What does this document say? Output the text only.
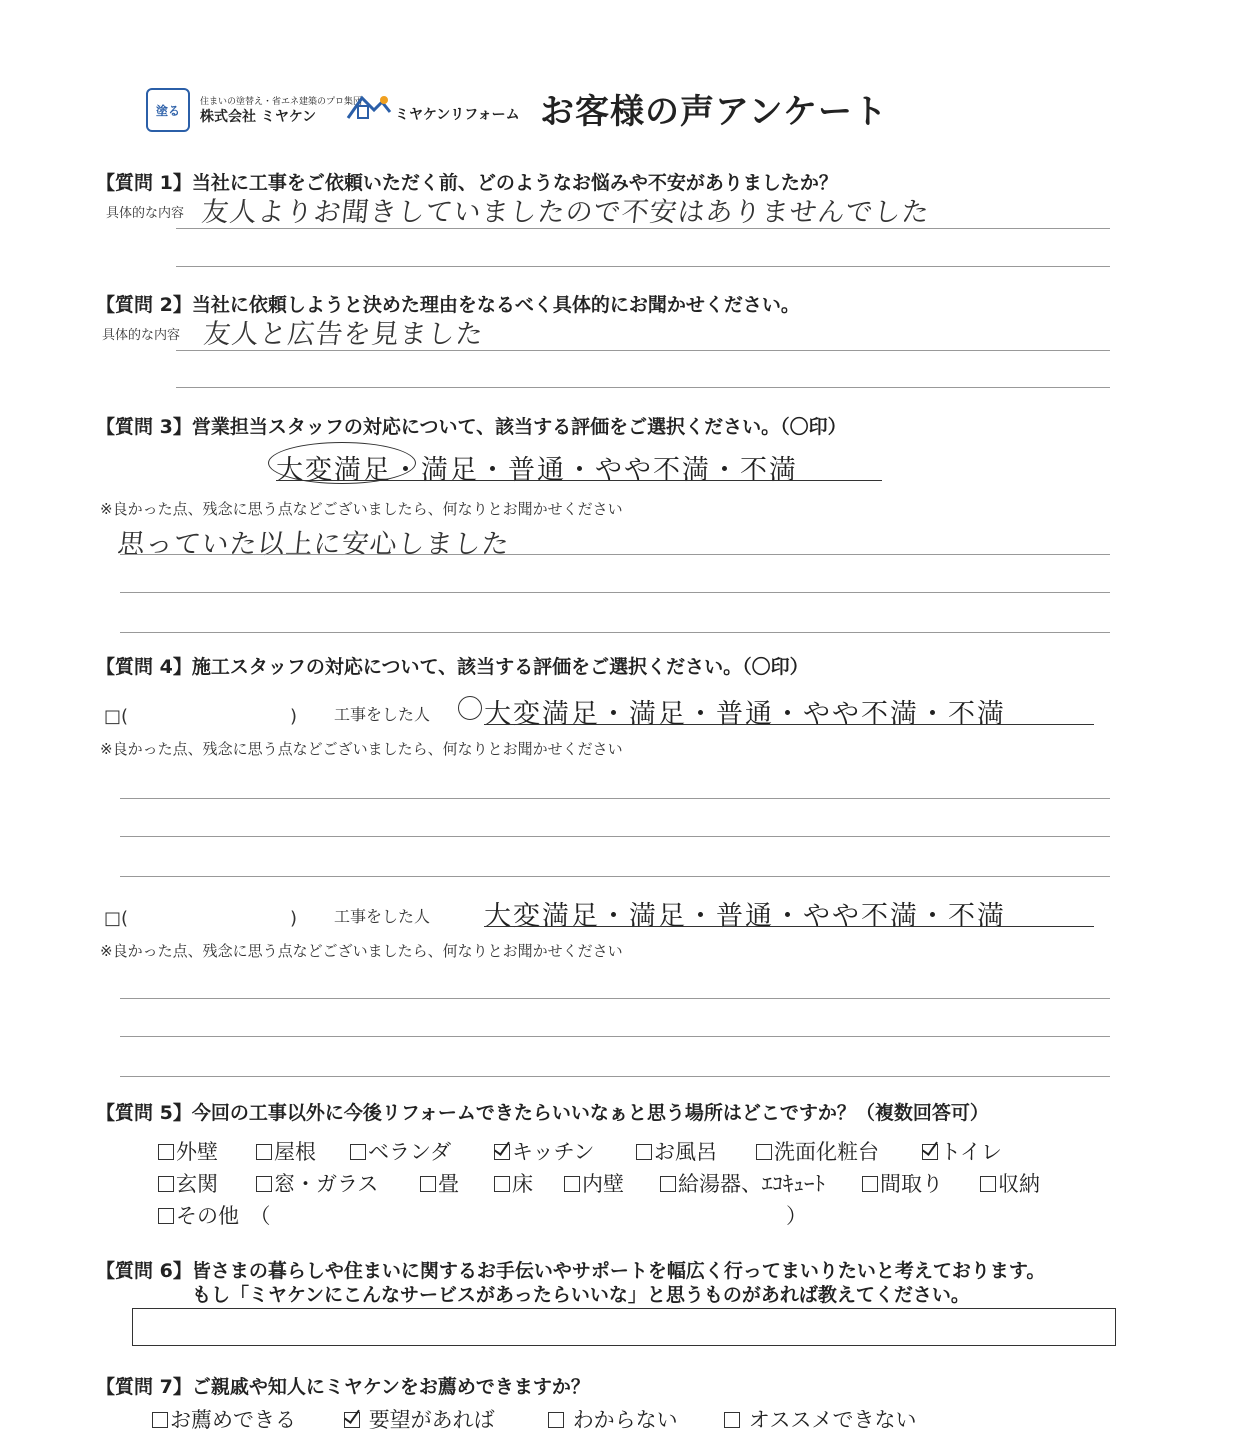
塗る
住まいの塗替え・省エネ建築のプロ集団
株式会社 ミヤケン	ミヤケンリフォーム お客様の声アンケート
【質問 1】当社に工事をご依頼いただく前、どのようなお悩みや不安がありましたか？
具体的な内容 友人よりお聞きしていましたので不安はありませんでした
【質問 2】当社に依頼しようと決めた理由をなるべく具体的にお聞かせください。
具体的な内容 友人と広告を見ました
【質問 3】営業担当スタッフの対応について、該当する評価をご選択ください。（〇印）
大変満足・満足・普通・やや不満・不満
※良かった点、残念に思う点などございましたら、何なりとお聞かせください
思っていた以上に安心しました
【質問 4】施工スタッフの対応について、該当する評価をご選択ください。（〇印）
□(　　　　　　　　　) 工事をした人 大変満足・満足・普通・やや不満・不満
※良かった点、残念に思う点などございましたら、何なりとお聞かせください
□(　　　　　　　　　) 工事をした人 大変満足・満足・普通・やや不満・不満
※良かった点、残念に思う点などございましたら、何なりとお聞かせください
【質問 5】今回の工事以外に今後リフォームできたらいいなぁと思う場所はどこですか？（複数回答可）
外壁	屋根	ベランダ	キッチン	お風呂	洗面化粧台	トイレ
玄関	窓・ガラス	畳	床	内壁	給湯器、ｴｺｷｭｰﾄ	間取り	収納
その他　（	）
【質問 6】皆さまの暮らしや住まいに関するお手伝いやサポートを幅広く行ってまいりたいと考えております。
もし「ミヤケンにこんなサービスがあったらいいな」と思うものがあれば教えてください。
【質問 7】ご親戚や知人にミヤケンをお薦めできますか？
お薦めできる	要望があれば	わからない	オススメできない
